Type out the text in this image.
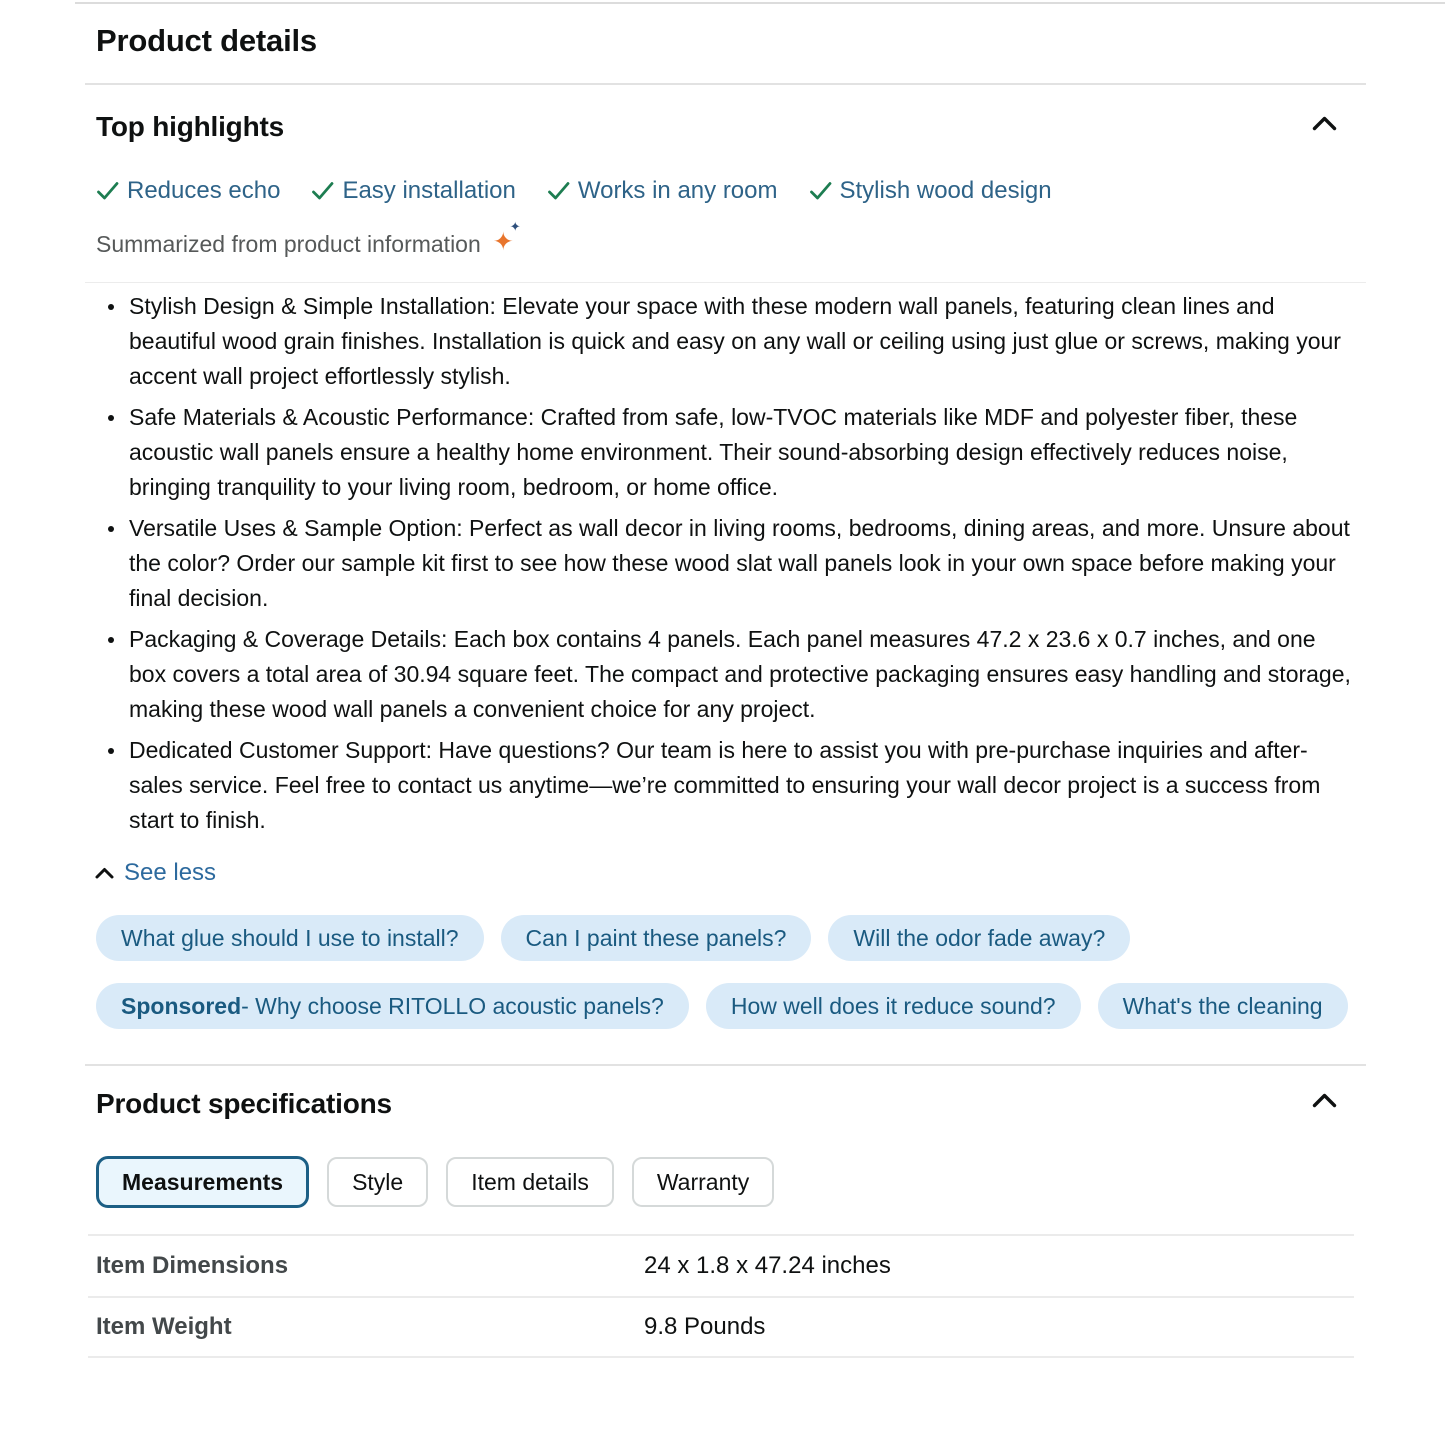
Product details
Top highlights
Reduces echo	Easy installation	Works in any room	Stylish wood design
Summarized from product information ✦
✦
Stylish Design & Simple Installation: Elevate your space with these modern wall panels, featuring clean lines and beautiful wood grain finishes. Installation is quick and easy on any wall or ceiling using just glue or screws, making your accent wall project effortlessly stylish.
Safe Materials & Acoustic Performance: Crafted from safe, low-TVOC materials like MDF and polyester fiber, these acoustic wall panels ensure a healthy home environment. Their sound-absorbing design effectively reduces noise, bringing tranquility to your living room, bedroom, or home office.
Versatile Uses & Sample Option: Perfect as wall decor in living rooms, bedrooms, dining areas, and more. Unsure about the color? Order our sample kit first to see how these wood slat wall panels look in your own space before making your final decision.
Packaging & Coverage Details: Each box contains 4 panels. Each panel measures 47.2 x 23.6 x 0.7 inches, and one box covers a total area of 30.94 square feet. The compact and protective packaging ensures easy handling and storage, making these wood wall panels a convenient choice for any project.
Dedicated Customer Support: Have questions? Our team is here to assist you with pre-purchase inquiries and after-sales service. Feel free to contact us anytime—we’re committed to ensuring your wall decor project is a success from start to finish.
See less
What glue should I use to install?	Can I paint these panels?	Will the odor fade away?
Sponsored - Why choose RITOLLO acoustic panels?	How well does it reduce sound?	What's the cleaning
Product specifications
Measurements	Style	Item details	Warranty
Item Dimensions	24 x 1.8 x 47.24 inches
Item Weight	9.8 Pounds
